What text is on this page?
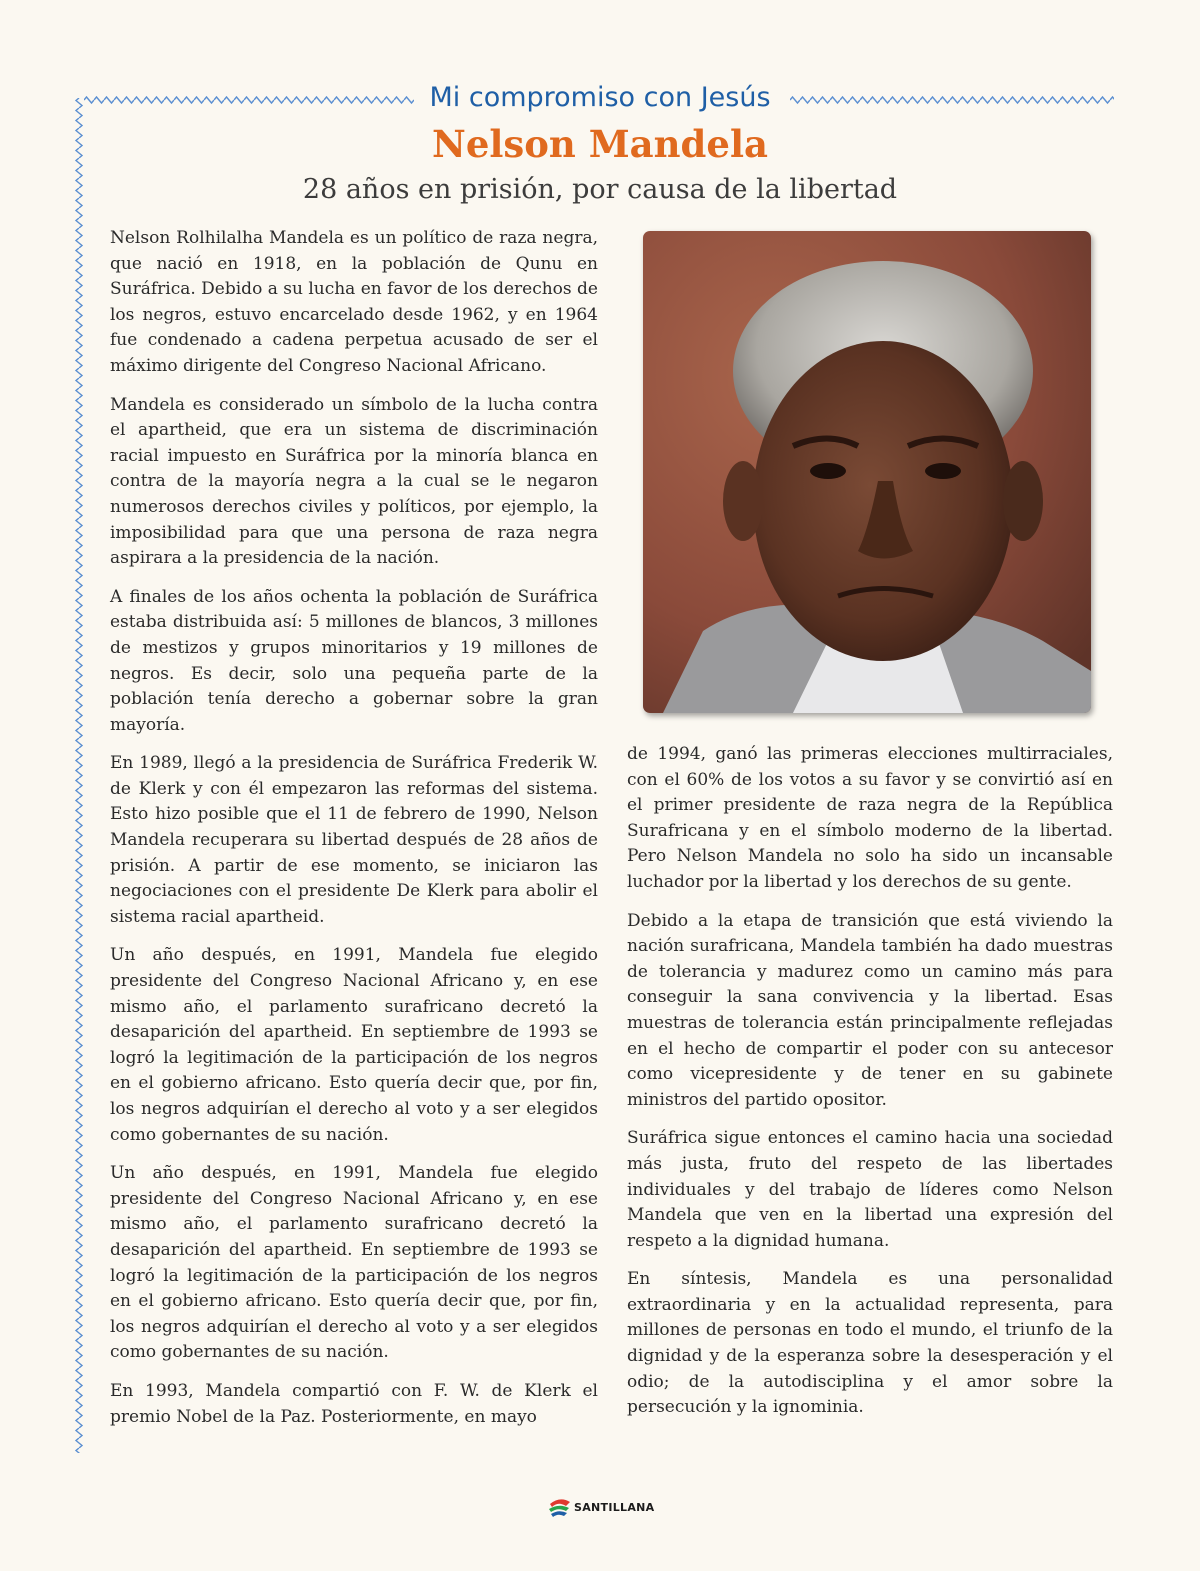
Mi compromiso con Jesús
Nelson Mandela
28 años en prisión, por causa de la libertad

Nelson Rolhilalha Mandela es un político de raza negra, que nació en 1918, en la población de Qunu en Suráfrica. Debido a su lucha en favor de los derechos de los negros, estuvo encarcelado desde 1962, y en 1964 fue condenado a cadena perpetua acusado de ser el máximo dirigente del Congreso Nacional Africano.

Mandela es considerado un símbolo de la lucha contra el apartheid, que era un sistema de discriminación racial impuesto en Suráfrica por la minoría blanca en contra de la mayoría negra a la cual se le negaron numerosos derechos civiles y políticos, por ejemplo, la imposibilidad para que una persona de raza negra aspirara a la presidencia de la nación.

A finales de los años ochenta la población de Suráfrica estaba distribuida así: 5 millones de blancos, 3 millones de mestizos y grupos minoritarios y 19 millones de negros. Es decir, solo una pequeña parte de la población tenía derecho a gobernar sobre la gran mayoría.

En 1989, llegó a la presidencia de Suráfrica Frederik W. de Klerk y con él empezaron las reformas del sistema. Esto hizo posible que el 11 de febrero de 1990, Nelson Mandela recuperara su libertad después de 28 años de prisión. A partir de ese momento, se iniciaron las negociaciones con el presidente De Klerk para abolir el sistema racial apartheid.

Un año después, en 1991, Mandela fue elegido presidente del Congreso Nacional Africano y, en ese mismo año, el parlamento surafricano decretó la desaparición del apartheid. En septiembre de 1993 se logró la legitimación de la participación de los negros en el gobierno africano. Esto quería decir que, por fin, los negros adquirían el derecho al voto y a ser elegidos como gobernantes de su nación.

Un año después, en 1991, Mandela fue elegido presidente del Congreso Nacional Africano y, en ese mismo año, el parlamento surafricano decretó la desaparición del apartheid. En septiembre de 1993 se logró la legitimación de la participación de los negros en el gobierno africano. Esto quería decir que, por fin, los negros adquirían el derecho al voto y a ser elegidos como gobernantes de su nación.

En 1993, Mandela compartió con F. W. de Klerk el premio Nobel de la Paz. Posteriormente, en mayo

de 1994, ganó las primeras elecciones multirraciales, con el 60% de los votos a su favor y se convirtió así en el primer presidente de raza negra de la República Surafricana y en el símbolo moderno de la libertad. Pero Nelson Mandela no solo ha sido un incansable luchador por la libertad y los derechos de su gente.

Debido a la etapa de transición que está viviendo la nación surafricana, Mandela también ha dado muestras de tolerancia y madurez como un camino más para conseguir la sana convivencia y la libertad. Esas muestras de tolerancia están principalmente reflejadas en el hecho de compartir el poder con su antecesor como vicepresidente y de tener en su gabinete ministros del partido opositor.

Suráfrica sigue entonces el camino hacia una sociedad más justa, fruto del respeto de las libertades individuales y del trabajo de líderes como Nelson Mandela que ven en la libertad una expresión del respeto a la dignidad humana.

En síntesis, Mandela es una personalidad extraordinaria y en la actualidad representa, para millones de personas en todo el mundo, el triunfo de la dignidad y de la esperanza sobre la desesperación y el odio; de la autodisciplina y el amor sobre la persecución y la ignominia.

SANTILLANA
